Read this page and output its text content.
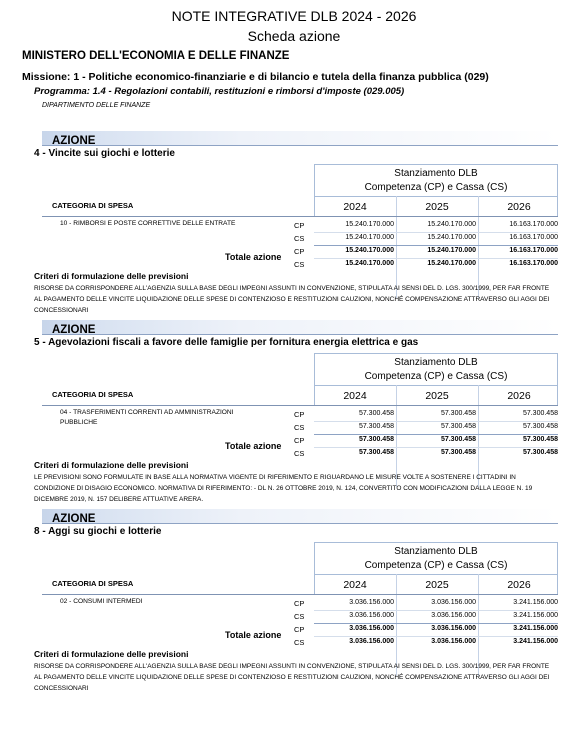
NOTE INTEGRATIVE DLB 2024 - 2026
Scheda azione
MINISTERO DELL'ECONOMIA E DELLE FINANZE
Missione: 1 - Politiche economico-finanziarie e di bilancio e tutela della finanza pubblica (029)
Programma: 1.4 - Regolazioni contabili, restituzioni e rimborsi d'imposte (029.005)
DIPARTIMENTO DELLE FINANZE
AZIONE
4 - Vincite sui giochi e lotterie
Stanziamento DLB
Competenza (CP) e Cassa (CS)
2024	2025	2026
CATEGORIA DI SPESA
10 - RIMBORSI E POSTE CORRETTIVE DELLE ENTRATE	CP	15.240.170.000	15.240.170.000	16.163.170.000
CS	15.240.170.000	15.240.170.000	16.163.170.000
Totale azione
CP	15.240.170.000	15.240.170.000	16.163.170.000
CS	15.240.170.000	15.240.170.000	16.163.170.000
Criteri di formulazione delle previsioni
RISORSE DA CORRISPONDERE ALL'AGENZIA SULLA BASE DEGLI IMPEGNI ASSUNTI IN CONVENZIONE, STIPULATA AI SENSI DEL D. LGS. 300/1999, PER FAR FRONTE AL PAGAMENTO DELLE VINCITE LIQUIDAZIONE DELLE SPESE DI CONTENZIOSO E RESTITUZIONI CAUZIONI, NONCHÉ COMPENSAZIONE ATTRAVERSO GLI AGGI DEI CONCESSIONARI
AZIONE
5 - Agevolazioni fiscali a favore delle famiglie per fornitura energia elettrica e gas
Stanziamento DLB
Competenza (CP) e Cassa (CS)
2024	2025	2026
CATEGORIA DI SPESA
04 - TRASFERIMENTI CORRENTI AD AMMINISTRAZIONI PUBBLICHE
CP	57.300.458	57.300.458	57.300.458
CS	57.300.458	57.300.458	57.300.458
Totale azione
CP	57.300.458	57.300.458	57.300.458
CS	57.300.458	57.300.458	57.300.458
Criteri di formulazione delle previsioni
LE PREVISIONI SONO FORMULATE IN BASE ALLA NORMATIVA VIGENTE DI RIFERIMENTO E RIGUARDANO LE MISURE VOLTE A SOSTENERE I CITTADINI IN CONDIZIONE DI DISAGIO ECONOMICO. NORMATIVA DI RIFERIMENTO: - DL N. 26 OTTOBRE 2019, N. 124, CONVERTITO CON MODIFICAZIONI DALLA LEGGE N. 19 DICEMBRE 2019, N. 157 DELIBERE ATTUATIVE ARERA.
AZIONE
8 - Aggi su giochi e lotterie
Stanziamento DLB
Competenza (CP) e Cassa (CS)
2024	2025	2026
CATEGORIA DI SPESA
02 - CONSUMI INTERMEDI	CP	3.036.156.000	3.036.156.000	3.241.156.000
CS	3.036.156.000	3.036.156.000	3.241.156.000
Totale azione
CP	3.036.156.000	3.036.156.000	3.241.156.000
CS	3.036.156.000	3.036.156.000	3.241.156.000
Criteri di formulazione delle previsioni
RISORSE DA CORRISPONDERE ALL'AGENZIA SULLA BASE DEGLI IMPEGNI ASSUNTI IN CONVENZIONE, STIPULATA AI SENSI DEL D. LGS. 300/1999, PER FAR FRONTE AL PAGAMENTO DELLE VINCITE LIQUIDAZIONE DELLE SPESE DI CONTENZIOSO E RESTITUZIONI CAUZIONI, NONCHÉ COMPENSAZIONE ATTRAVERSO GLI AGGI DEI CONCESSIONARI
